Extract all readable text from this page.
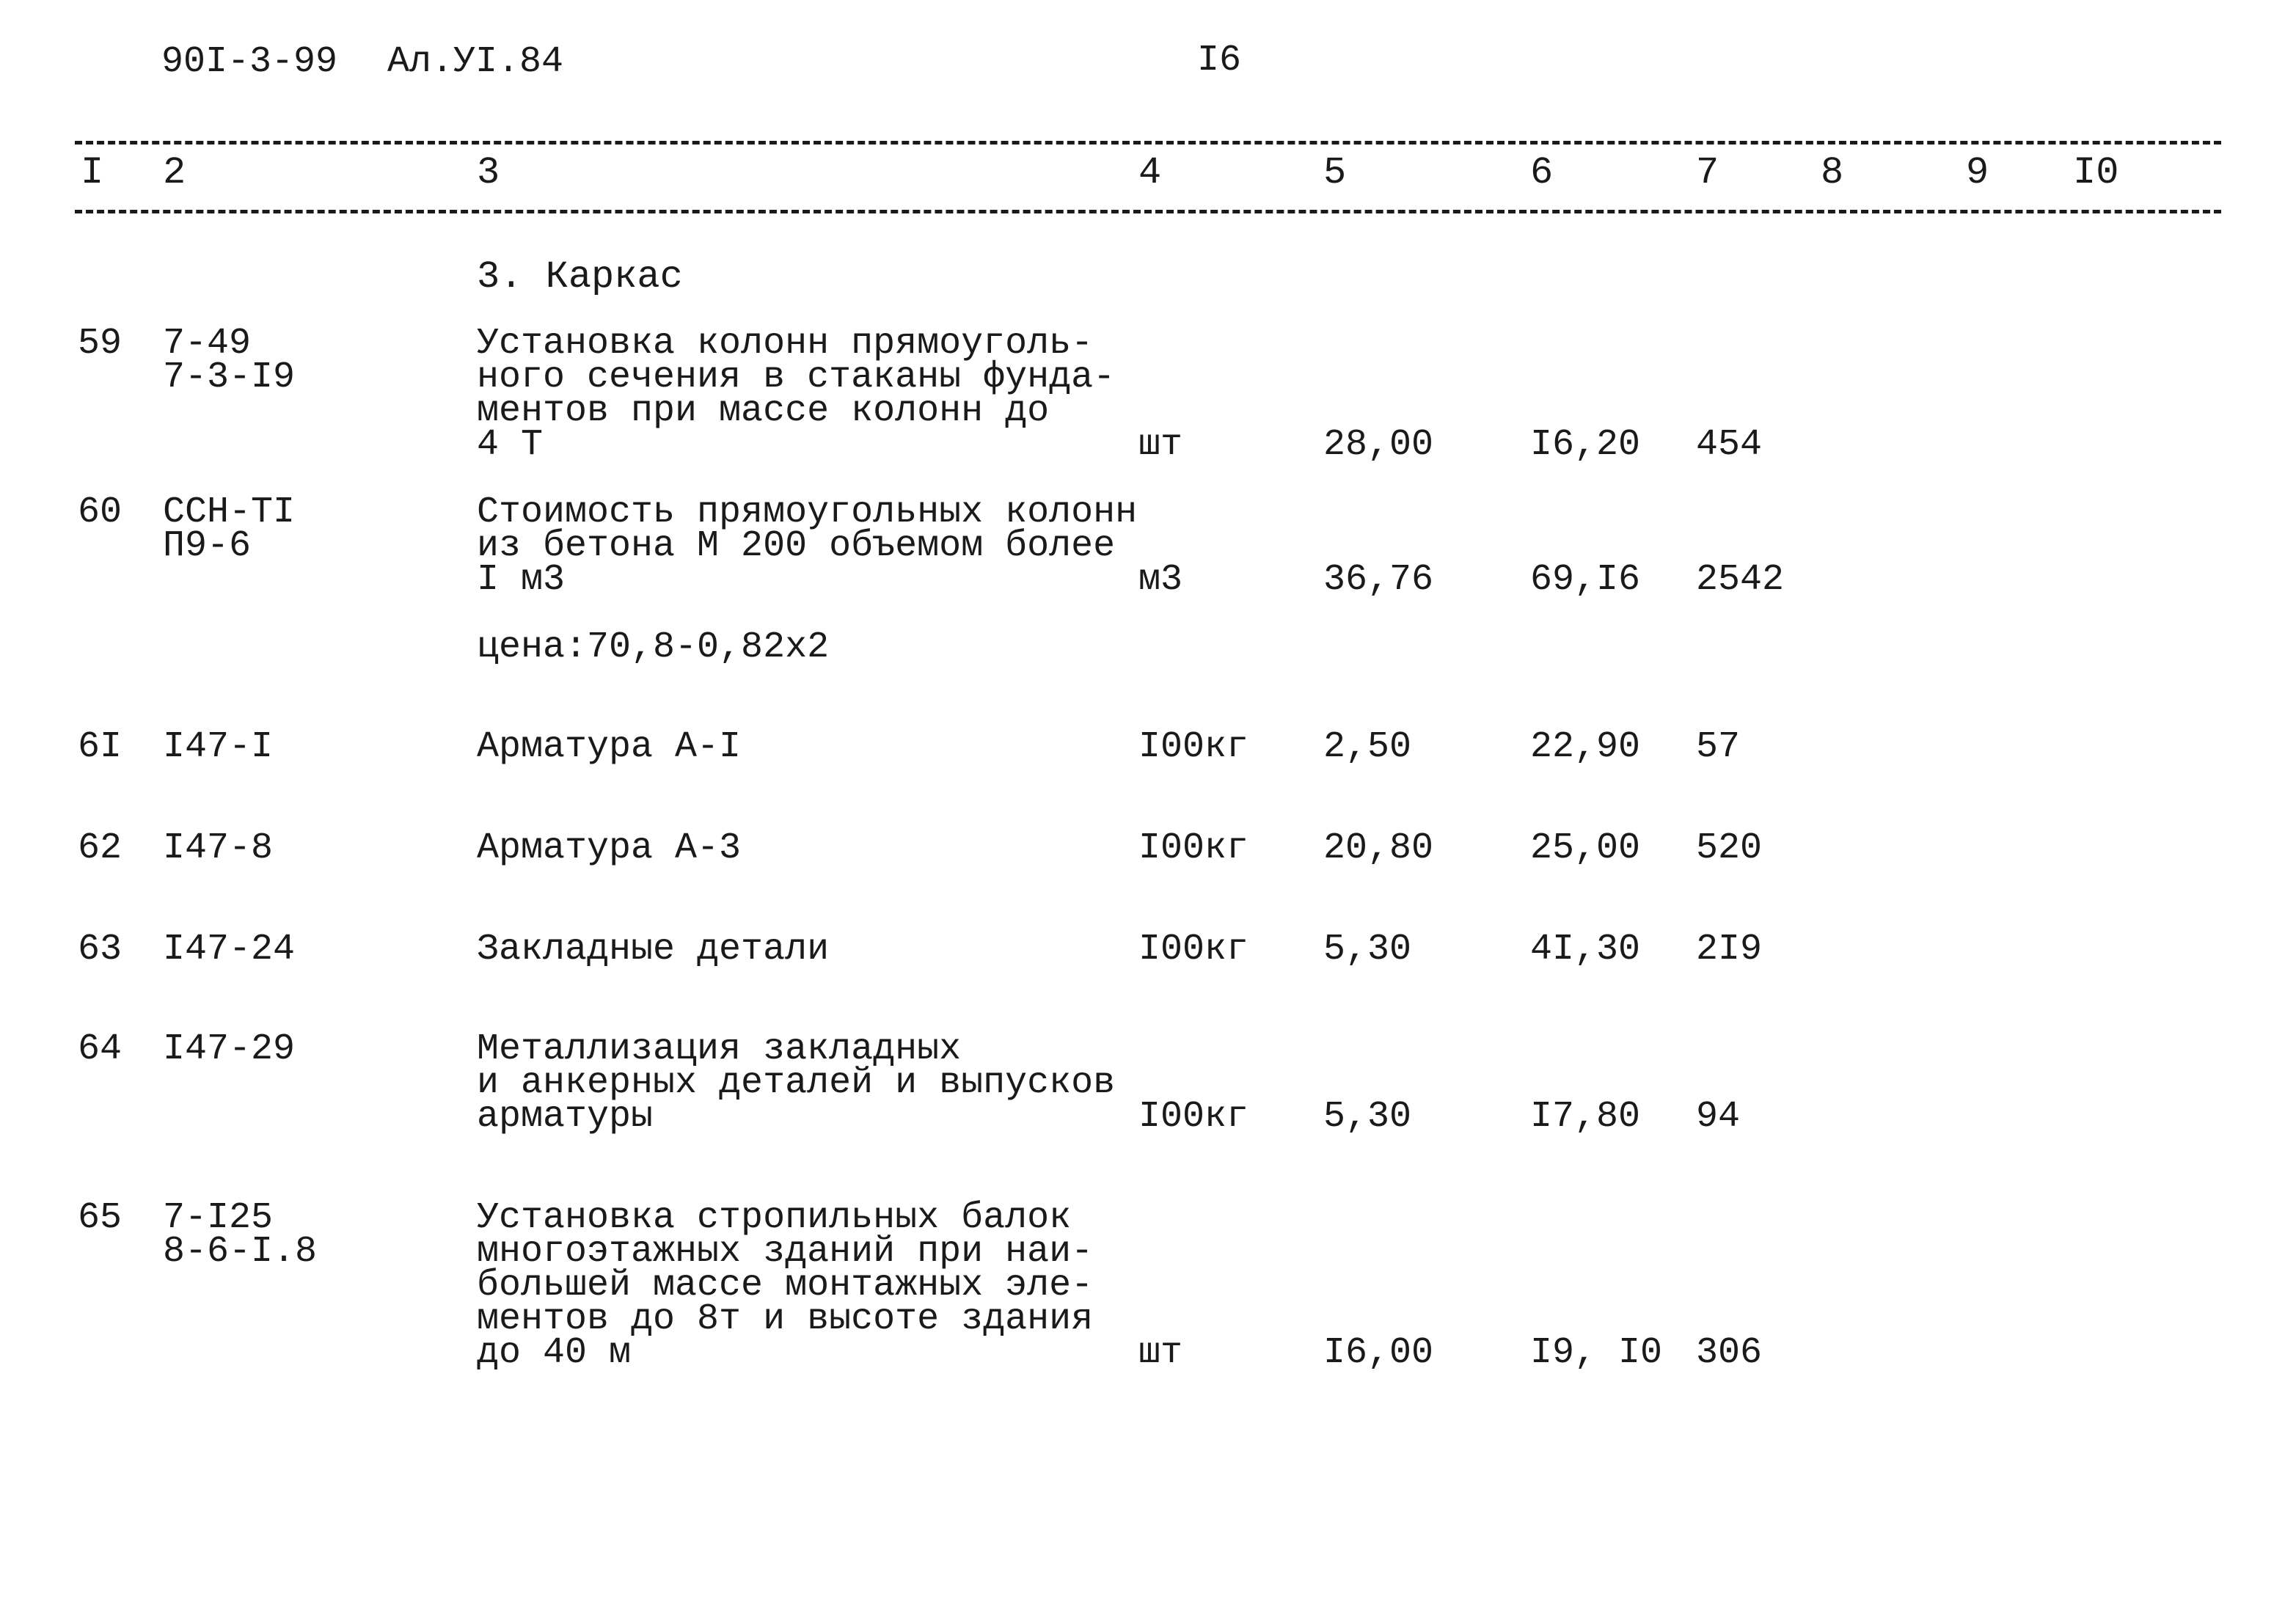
90I-3-99 Ал.УI.84	I6
I 2	3	4	5	6	7	8	9 I0
3. Каркас
59 7-49
7-3-I9
Установка колонн прямоуголь-
ного сечения в стаканы фунда-
ментов при массе колонн до
4 Т	шт	28,00	I6,20 454
60 ССН-ТI
П9-6
Стоимость прямоугольных колонн
из бетона М 200 объемом более
I м3	м3	36,76	69,I6 2542
цена:70,8-0,82х2
6I I47-I	Арматура А-I	I00кг 2,50	22,90 57
62 I47-8	Арматура А-3	I00кг 20,80	25,00 520
63 I47-24	Закладные детали	I00кг 5,30	4I,30 2I9
64 I47-29	Металлизация закладных
и анкерных деталей и выпусков
арматуры	I00кг 5,30	I7,80 94
65 7-I25
8-6-I.8
Установка стропильных балок
многоэтажных зданий при наи-
большей массе монтажных эле-
ментов до 8т и высоте здания
до 40 м	шт	I6,00	I9, I0 306
